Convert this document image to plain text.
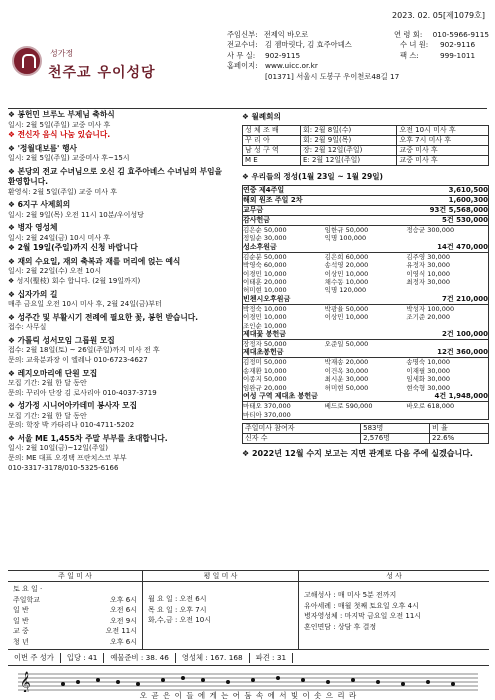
2023. 02. 05[제1079호]
성가정
천주교 우이성당
주임신부: 전제익 바오로	연 령 회:	010-5966-9115
전교수녀:	김 젬마릿다, 김 효주아녜스	수 녀 원:	902-9116
사 무 실:	902-9115	팩 스:	999-1011
홈페이지:	www.uicc.or.kr
[01371] 서울시 도봉구 우이천로48길 17
❖ 봉헌민 브루노 부제님 축하식
일시: 2월 5일(주일) 교중 미사 후
❖ 전신자 음식 나눔 있습니다.
❖ '정월대보름' 행사
일시: 2월 5일(주일) 교중미사 후~15시
❖ 본당의 전교 수녀님으로 오신 김 효주아녜스 수녀님의 부임을 환영합니다.
환영식: 2월 5일(주일) 교중 미사 후
❖ 6지구 사제회의
일시: 2월 9일(목) 오전 11시 10분/우이성당
❖ 병자 영성체
일시: 2월 24일(금) 10시 미사 후
❖ 2월 19일(주일)까지 신청 바랍니다
❖ 재의 수요일, 재의 축복과 재를 머리에 얹는 예식
일시: 2월 22일(수) 오전 10시
❖ 성지(聖枝) 회수 합니다. (2월 19일까지)
❖ 십자가의 길
매주 금요일 오전 10시 미사 후, 2월 24일(금)부터
❖ 성주간 및 부활시기 전례에 필요한 꽃, 봉헌 받습니다.
접수: 사무실
❖ 가톨릭 성서모임 그룹원 모집
접수: 2월 18일(토) ~ 26일(주일)까지 미사 전 후
문의: 교육분과장 이 엘레나 010-6723-4627
❖ 레지오마리애 단원 모집
모집 기간: 2월 한 달 동안
문의: 꾸리아 단장 김 로사리아 010-4037-3719
❖ 성가정 시니어아카데미 봉사자 모집
모집 기간: 2월 한 달 동안
문의: 학장 박 카타리나 010-4711-5202
❖ 서울 ME 1,455차 주말 부부를 초대합니다.
일시: 2월 10일(금)~12일(주일)
문의: ME 대표 오경택 프란치스코 부부
010-3317-3178/010-5325-6166
❖ 월례회의
성 체 조 배	회: 2월 8일(수)	오전 10시 미사 후
꾸 리 아	회: 2월 9일(목)	오후 7시 미사 후
남 성 구 역	장: 2월 12일(주일)	교중 미사 후
M E	E: 2월 12일(주일)	교중 미사 후
❖ 우리들의 정성(1월 23일 ~ 1월 29일)
연중 제4주일	3,610,500
해외 원조 주일 2차	1,600,300
교무금	93건 5,568,000
감사헌금	5건 530,000
김은순 50,000	임한규 50,000	정승균 300,000
정일순 30,000	익명 100,000
성소후원금	14건 470,000
김순분 50,000	김은희 60,000	김주영 30,000
박영숙 60,000	송석영 20,000	유정자 30,000
이경민 10,000	이상민 10,000	이영식 10,000
이태훈 20,000	채수동 10,000	최정자 30,000
허미현 10,000	익명 120,000
빈첸시오후원금	7건 210,000
박정숙 10,000	박광율 50,000	박성자 100,000
이경민 10,000	이상민 10,000	조기준 20,000
조인순 10,000
제대꽃 봉헌금	2건 100,000
장정자 50,000	오준일 50,000
제대초봉헌금	12건 360,000
김정미 50,000	박재송 20,000	송명숙 10,000
송재환 10,000	이건옥 30,000	이재필 30,000
이종지 50,000	최시운 30,000	임세화 30,000
임완규 20,000	허미현 50,000	현숙형 30,000
여성 구역 제대초 봉헌금	4건 1,948,000
마태오 370,000	베드로 590,000	바오로 618,000
마티아 370,000
주일미사 참여자	583명	비 율
신자 수	2,576명	22.6%
❖ 2022년 12월 수지 보고는 지면 관계로 다음 주에 실겠습니다.
주 일 미 사
토 요 일 ·
주일학교	오후 6시
일 반	오전 6시
일 반	오전 9시
교 중	오전 11시
청 년	오후 6시
평 일 미 사
월 요 일 : 오전 6시
목 요 일 : 오후 7시
화,수,금 : 오전 10시
성 사
고해성사 : 매 미사 5분 전까지
유아세례 : 매월 첫째 토요일 오후 4시
병자영성체 : 마지막 금요일 오전 11시
혼인면담 : 상담 후 결정
이번 주 성가	입당 : 41	예물준비 : 38. 46	영성체 : 167. 168	파견 : 31
𝄞
오 곧 은 이 들 에 게 는 어 둠 속 에 서 빛 이 솟 으 리 라
